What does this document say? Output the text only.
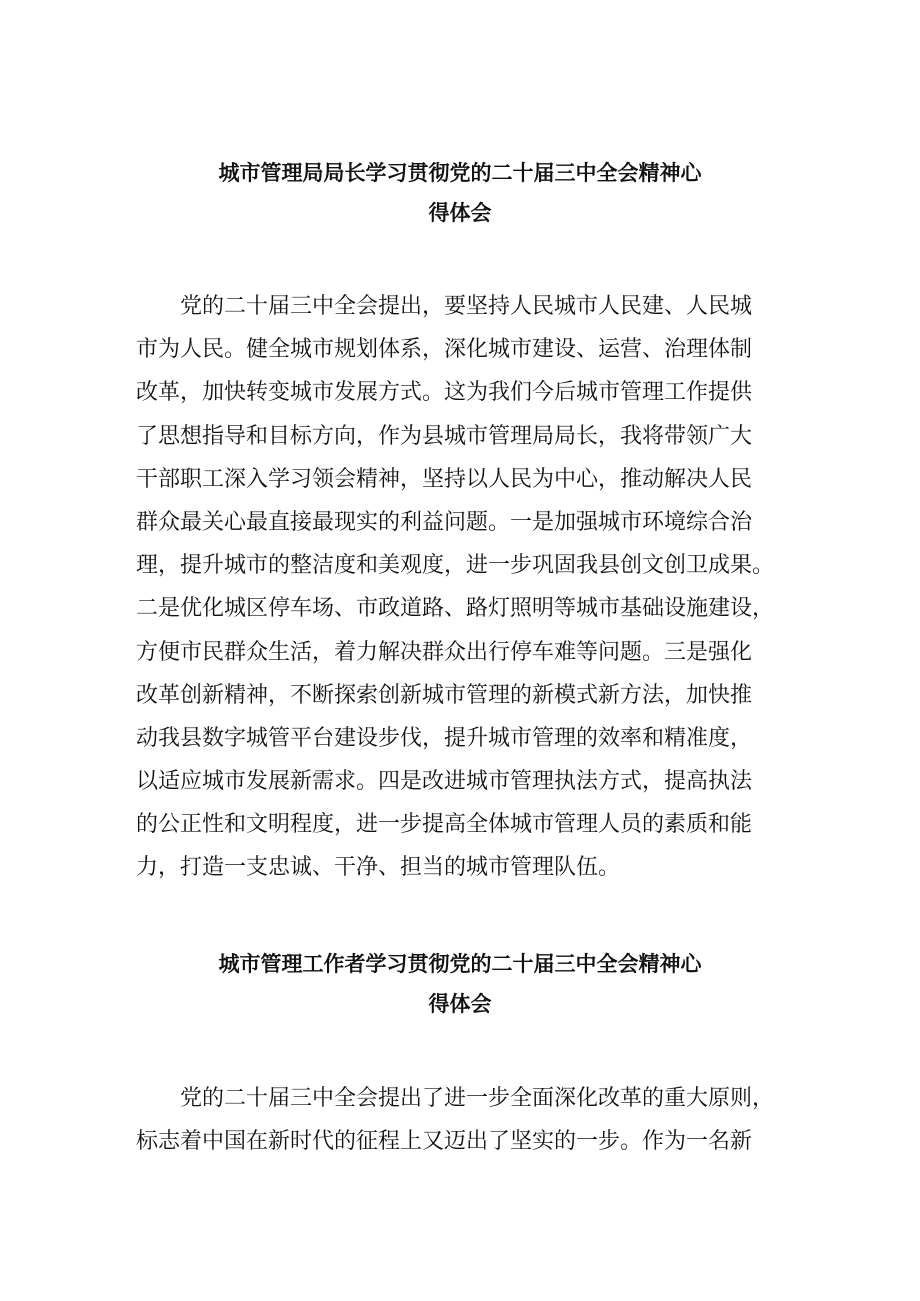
城市管理局局长学习贯彻党的二十届三中全会精神心
得体会
党的二十届三中全会提出，要坚持人民城市人民建、人民城
市为人民。健全城市规划体系，深化城市建设、运营、治理体制
改革，加快转变城市发展方式。这为我们今后城市管理工作提供
了思想指导和目标方向，作为县城市管理局局长，我将带领广大
干部职工深入学习领会精神，坚持以人民为中心，推动解决人民
群众最关心最直接最现实的利益问题。一是加强城市环境综合治
理，提升城市的整洁度和美观度，进一步巩固我县创文创卫成果。
二是优化城区停车场、市政道路、路灯照明等城市基础设施建设，
方便市民群众生活，着力解决群众出行停车难等问题。三是强化
改革创新精神，不断探索创新城市管理的新模式新方法，加快推
动我县数字城管平台建设步伐，提升城市管理的效率和精准度，
以适应城市发展新需求。四是改进城市管理执法方式，提高执法
的公正性和文明程度，进一步提高全体城市管理人员的素质和能
力，打造一支忠诚、干净、担当的城市管理队伍。
城市管理工作者学习贯彻党的二十届三中全会精神心
得体会
党的二十届三中全会提出了进一步全面深化改革的重大原则，
标志着中国在新时代的征程上又迈出了坚实的一步。作为一名新
